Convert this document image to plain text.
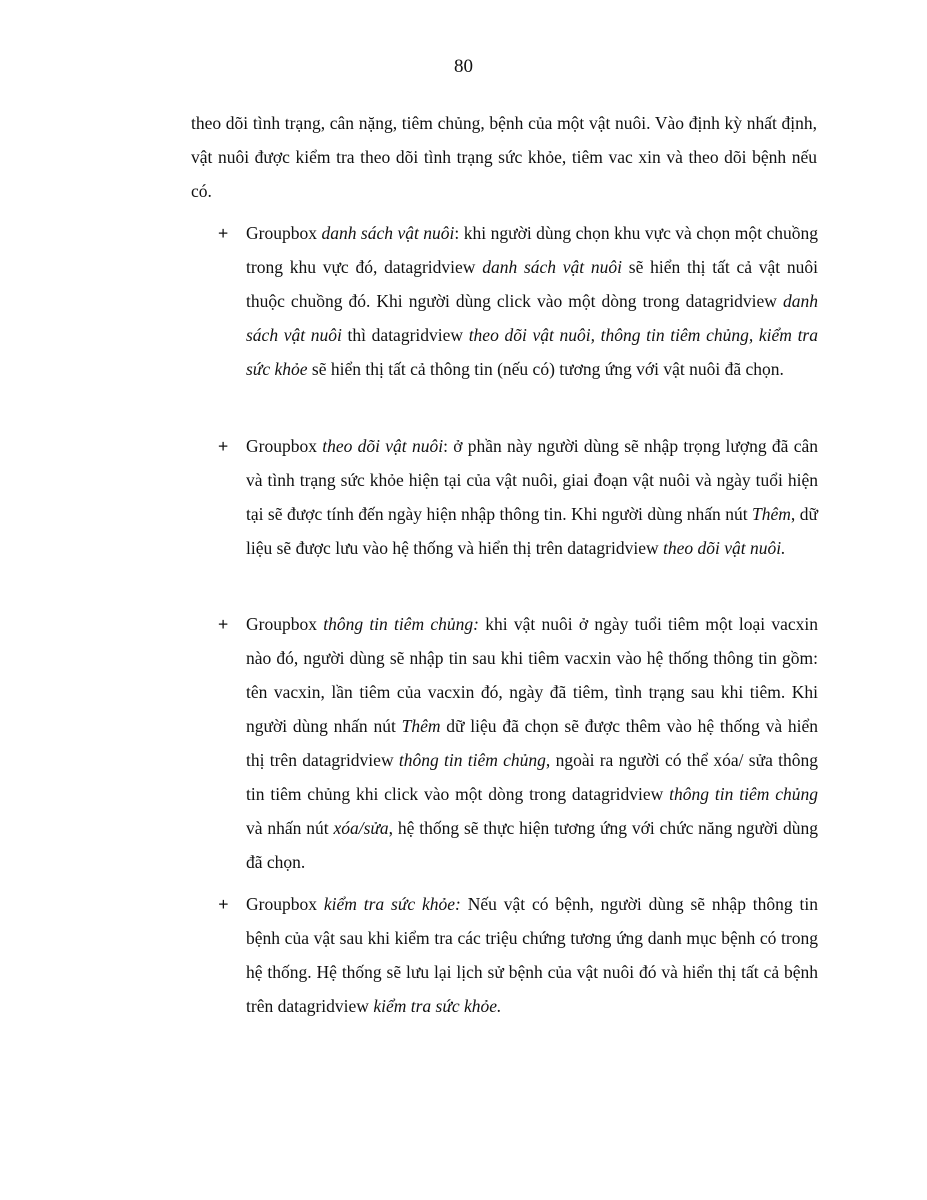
80

theo dõi tình trạng, cân nặng, tiêm chủng, bệnh của một vật nuôi. Vào định kỳ nhất định, vật nuôi được kiểm tra theo dõi tình trạng sức khỏe, tiêm vac xin và theo dõi bệnh nếu có.

+ Groupbox danh sách vật nuôi: khi người dùng chọn khu vực và chọn một chuồng trong khu vực đó, datagridview danh sách vật nuôi sẽ hiển thị tất cả vật nuôi thuộc chuồng đó. Khi người dùng click vào một dòng trong datagridview danh sách vật nuôi thì datagridview theo dõi vật nuôi, thông tin tiêm chủng, kiểm tra sức khỏe sẽ hiển thị tất cả thông tin (nếu có) tương ứng với vật nuôi đã chọn.

+ Groupbox theo dõi vật nuôi: ở phần này người dùng sẽ nhập trọng lượng đã cân và tình trạng sức khỏe hiện tại của vật nuôi, giai đoạn vật nuôi và ngày tuổi hiện tại sẽ được tính đến ngày hiện nhập thông tin. Khi người dùng nhấn nút Thêm, dữ liệu sẽ được lưu vào hệ thống và hiển thị trên datagridview theo dõi vật nuôi.

+ Groupbox thông tin tiêm chủng: khi vật nuôi ở ngày tuổi tiêm một loại vacxin nào đó, người dùng sẽ nhập tin sau khi tiêm vacxin vào hệ thống thông tin gồm: tên vacxin, lần tiêm của vacxin đó, ngày đã tiêm, tình trạng sau khi tiêm. Khi người dùng nhấn nút Thêm dữ liệu đã chọn sẽ được thêm vào hệ thống và hiển thị trên datagridview thông tin tiêm chủng, ngoài ra người có thể xóa/ sửa thông tin tiêm chủng khi click vào một dòng trong datagridview thông tin tiêm chủng và nhấn nút xóa/sửa, hệ thống sẽ thực hiện tương ứng với chức năng người dùng đã chọn.

+ Groupbox kiểm tra sức khỏe: Nếu vật có bệnh, người dùng sẽ nhập thông tin bệnh của vật sau khi kiểm tra các triệu chứng tương ứng danh mục bệnh có trong hệ thống. Hệ thống sẽ lưu lại lịch sử bệnh của vật nuôi đó và hiển thị tất cả bệnh trên datagridview kiểm tra sức khỏe.
